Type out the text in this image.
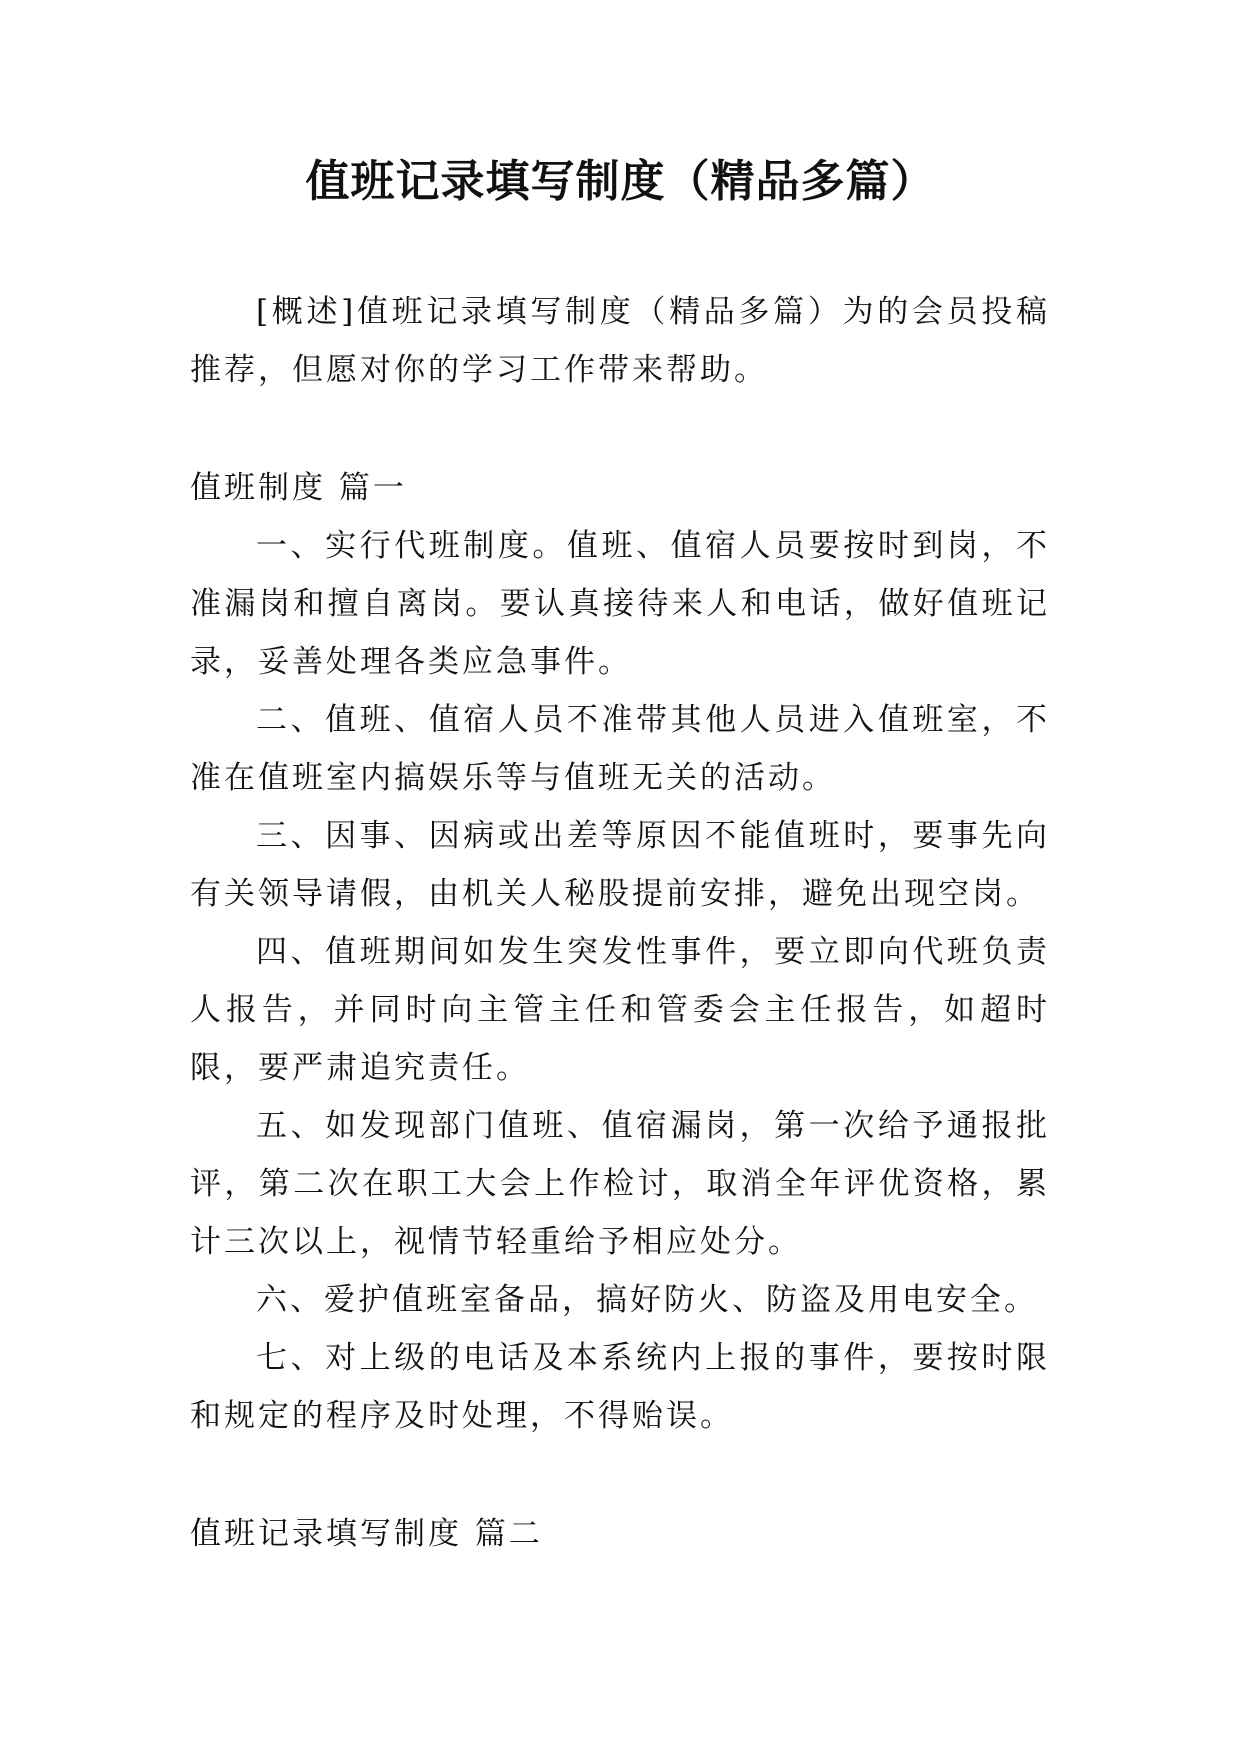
值班记录填写制度（精品多篇）

[概述]值班记录填写制度（精品多篇）为的会员投稿推荐，但愿对你的学习工作带来帮助。

值班制度 篇一

一、实行代班制度。值班、值宿人员要按时到岗，不准漏岗和擅自离岗。要认真接待来人和电话，做好值班记录，妥善处理各类应急事件。

二、值班、值宿人员不准带其他人员进入值班室，不准在值班室内搞娱乐等与值班无关的活动。

三、因事、因病或出差等原因不能值班时，要事先向有关领导请假，由机关人秘股提前安排，避免出现空岗。

四、值班期间如发生突发性事件，要立即向代班负责人报告，并同时向主管主任和管委会主任报告，如超时限，要严肃追究责任。

五、如发现部门值班、值宿漏岗，第一次给予通报批评，第二次在职工大会上作检讨，取消全年评优资格，累计三次以上，视情节轻重给予相应处分。

六、爱护值班室备品，搞好防火、防盗及用电安全。

七、对上级的电话及本系统内上报的事件，要按时限和规定的程序及时处理，不得贻误。

值班记录填写制度 篇二
